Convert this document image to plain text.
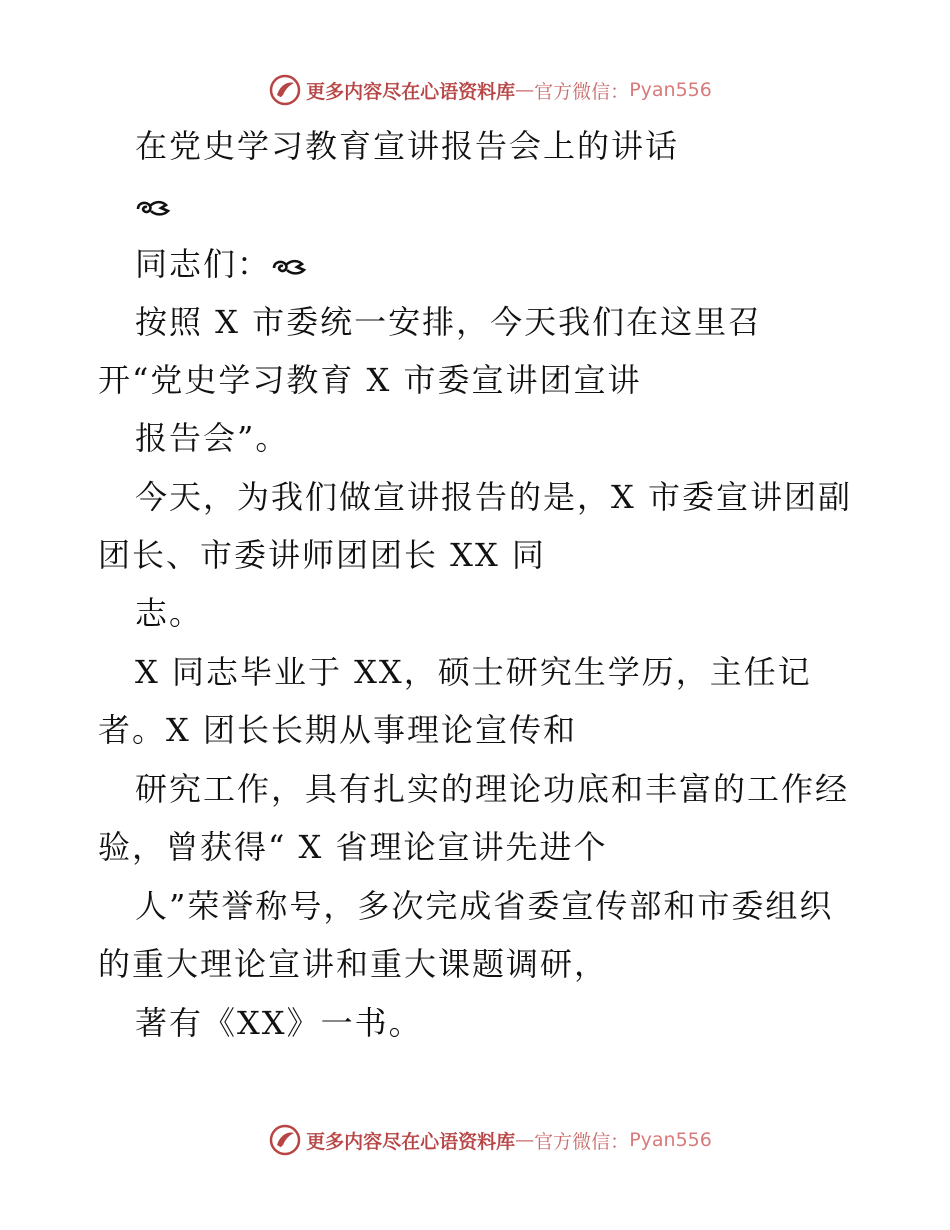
更多内容尽在心语资料库 — 官方微信： Pyan556
在党史学习教育宣讲报告会上的讲话
同志们：
按照 X 市委统一安排，今天我们在这里召
开“党史学习教育 X 市委宣讲团宣讲
报告会”。
今天，为我们做宣讲报告的是，X 市委宣讲团副
团长、市委讲师团团长 XX 同
志。
X 同志毕业于 XX，硕士研究生学历，主任记
者。X 团长长期从事理论宣传和
研究工作，具有扎实的理论功底和丰富的工作经
验，曾获得“ X 省理论宣讲先进个
人”荣誉称号，多次完成省委宣传部和市委组织
的重大理论宣讲和重大课题调研，
著有《XX》一书。
更多内容尽在心语资料库 — 官方微信： Pyan556
